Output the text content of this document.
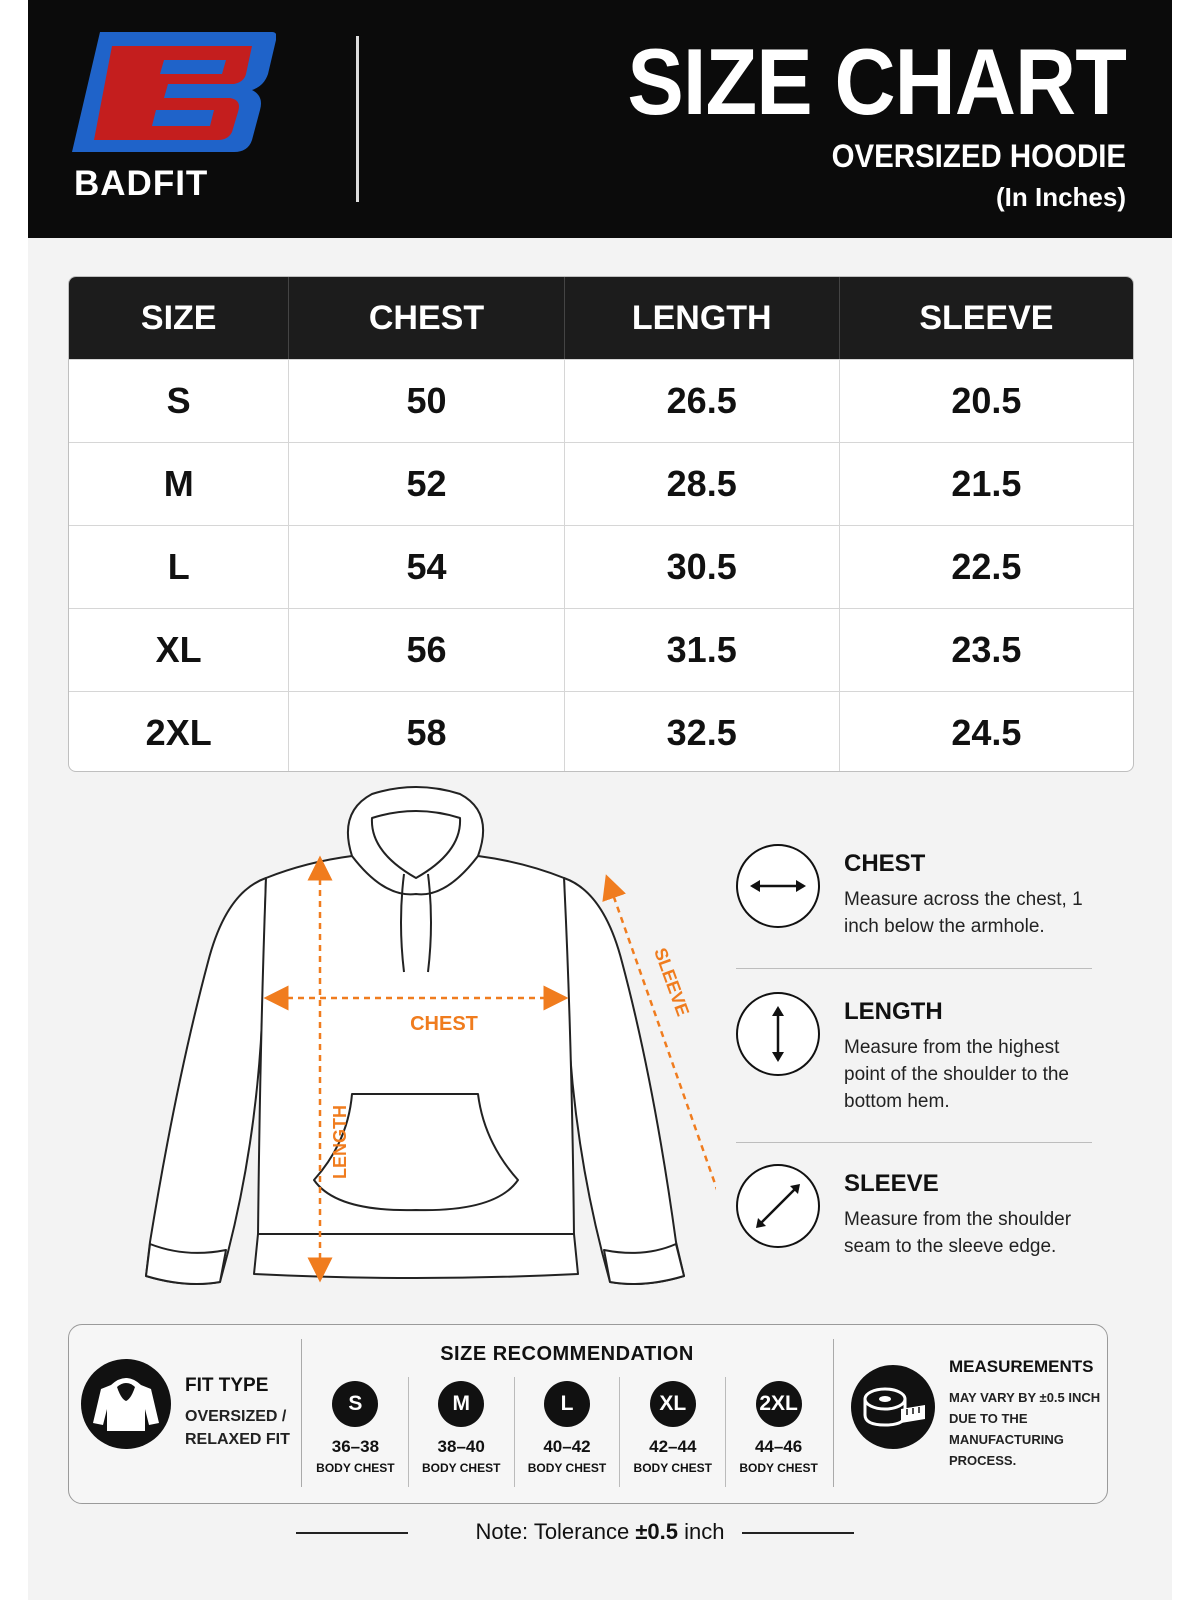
BADFIT
SIZE CHART
OVERSIZED HOODIE
(In Inches)
SIZE	CHEST	LENGTH	SLEEVE
S	50	26.5	20.5
M	52	28.5	21.5
L	54	30.5	22.5
XL	56	31.5	23.5
2XL	58	32.5	24.5
CHEST
LENGTH
SLEEVE
CHEST
Measure across the chest, 1 inch below the armhole.
LENGTH
Measure from the highest point of the shoulder to the bottom hem.
SLEEVE
Measure from the shoulder seam to the sleeve edge.
FIT TYPE
OVERSIZED /
RELAXED FIT
SIZE RECOMMENDATION
S
36–38
BODY CHEST
M
38–40
BODY CHEST
L
40–42
BODY CHEST
XL
42–44
BODY CHEST
2XL
44–46
BODY CHEST
MEASUREMENTS
MAY VARY BY ±0.5 INCH
DUE TO THE
MANUFACTURING
PROCESS.
Note: Tolerance ±0.5 inch
